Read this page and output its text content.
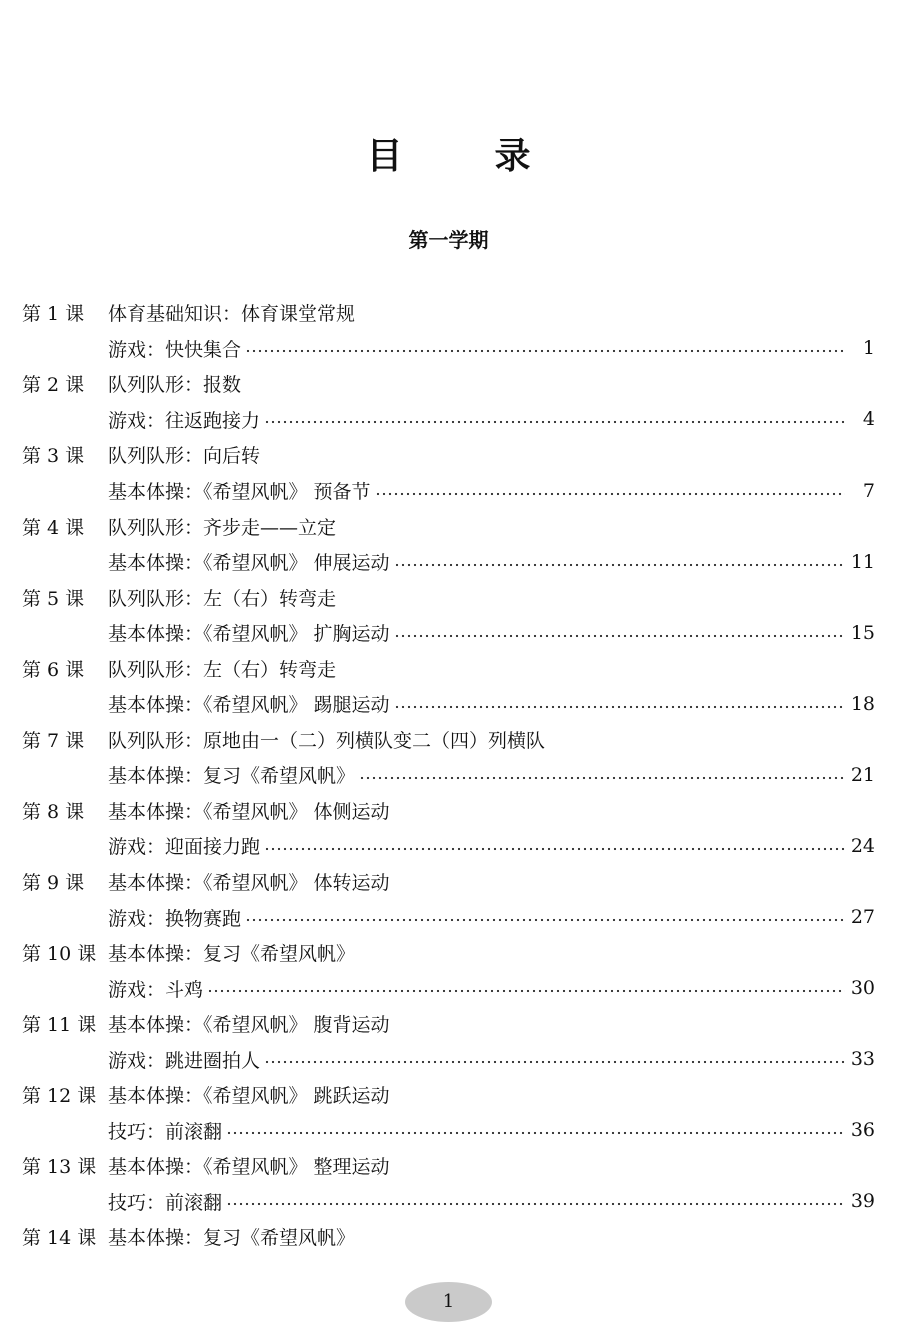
目	录
第一学期
第 1 课	体育基础知识：体育课堂常规
游戏：快快集合	1
第 2 课	队列队形：报数
游戏：往返跑接力	4
第 3 课	队列队形：向后转
基本体操：《希望风帆》 预备节	7
第 4 课	队列队形：齐步走——立定
基本体操：《希望风帆》 伸展运动	11
第 5 课	队列队形：左（右）转弯走
基本体操：《希望风帆》 扩胸运动	15
第 6 课	队列队形：左（右）转弯走
基本体操：《希望风帆》 踢腿运动	18
第 7 课	队列队形：原地由一（二）列横队变二（四）列横队
基本体操：复习《希望风帆》	21
第 8 课	基本体操：《希望风帆》 体侧运动
游戏：迎面接力跑	24
第 9 课	基本体操：《希望风帆》 体转运动
游戏：换物赛跑	27
第 10 课 基本体操：复习《希望风帆》
游戏：斗鸡	30
第 11 课 基本体操：《希望风帆》 腹背运动
游戏：跳进圈拍人	33
第 12 课 基本体操：《希望风帆》 跳跃运动
技巧：前滚翻	36
第 13 课 基本体操：《希望风帆》 整理运动
技巧：前滚翻	39
第 14 课 基本体操：复习《希望风帆》
1
